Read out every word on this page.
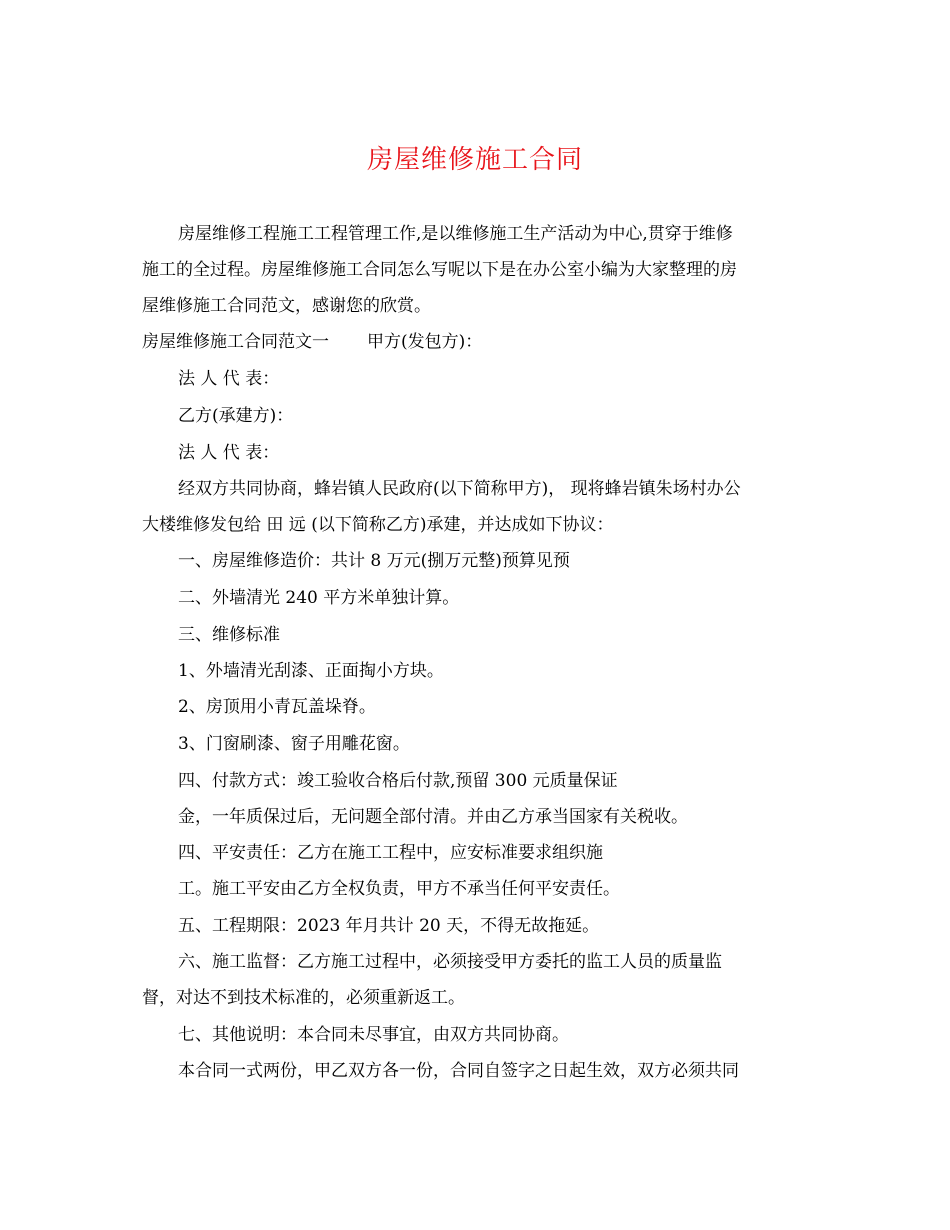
房屋维修施工合同
房屋维修工程施工工程管理工作,是以维修施工生产活动为中心,贯穿于维修
施工的全过程。房屋维修施工合同怎么写呢以下是在办公室小编为大家整理的房
屋维修施工合同范文，感谢您的欣赏。
房屋维修施工合同范文一 甲方(发包方)：
法 人 代 表：
乙方(承建方)：
法 人 代 表：
经双方共同协商，蜂岩镇人民政府(以下简称甲方)， 现将蜂岩镇朱场村办公
大楼维修发包给 田 远 (以下简称乙方)承建，并达成如下协议：
一、房屋维修造价：共计 8 万元(捌万元整)预算见预
二、外墙清光 240 平方米单独计算。
三、维修标准
1、外墙清光刮漆、正面掏小方块。
2、房顶用小青瓦盖垛脊。
3、门窗刷漆、窗子用雕花窗。
四、付款方式：竣工验收合格后付款,预留 300 元质量保证
金，一年质保过后，无问题全部付清。并由乙方承当国家有关税收。
四、平安责任：乙方在施工工程中，应安标准要求组织施
工。施工平安由乙方全权负责，甲方不承当任何平安责任。
五、工程期限：2023 年月共计 20 天，不得无故拖延。
六、施工监督：乙方施工过程中，必须接受甲方委托的监工人员的质量监
督，对达不到技术标准的，必须重新返工。
七、其他说明：本合同未尽事宜，由双方共同协商。
本合同一式两份，甲乙双方各一份，合同自签字之日起生效，双方必须共同
